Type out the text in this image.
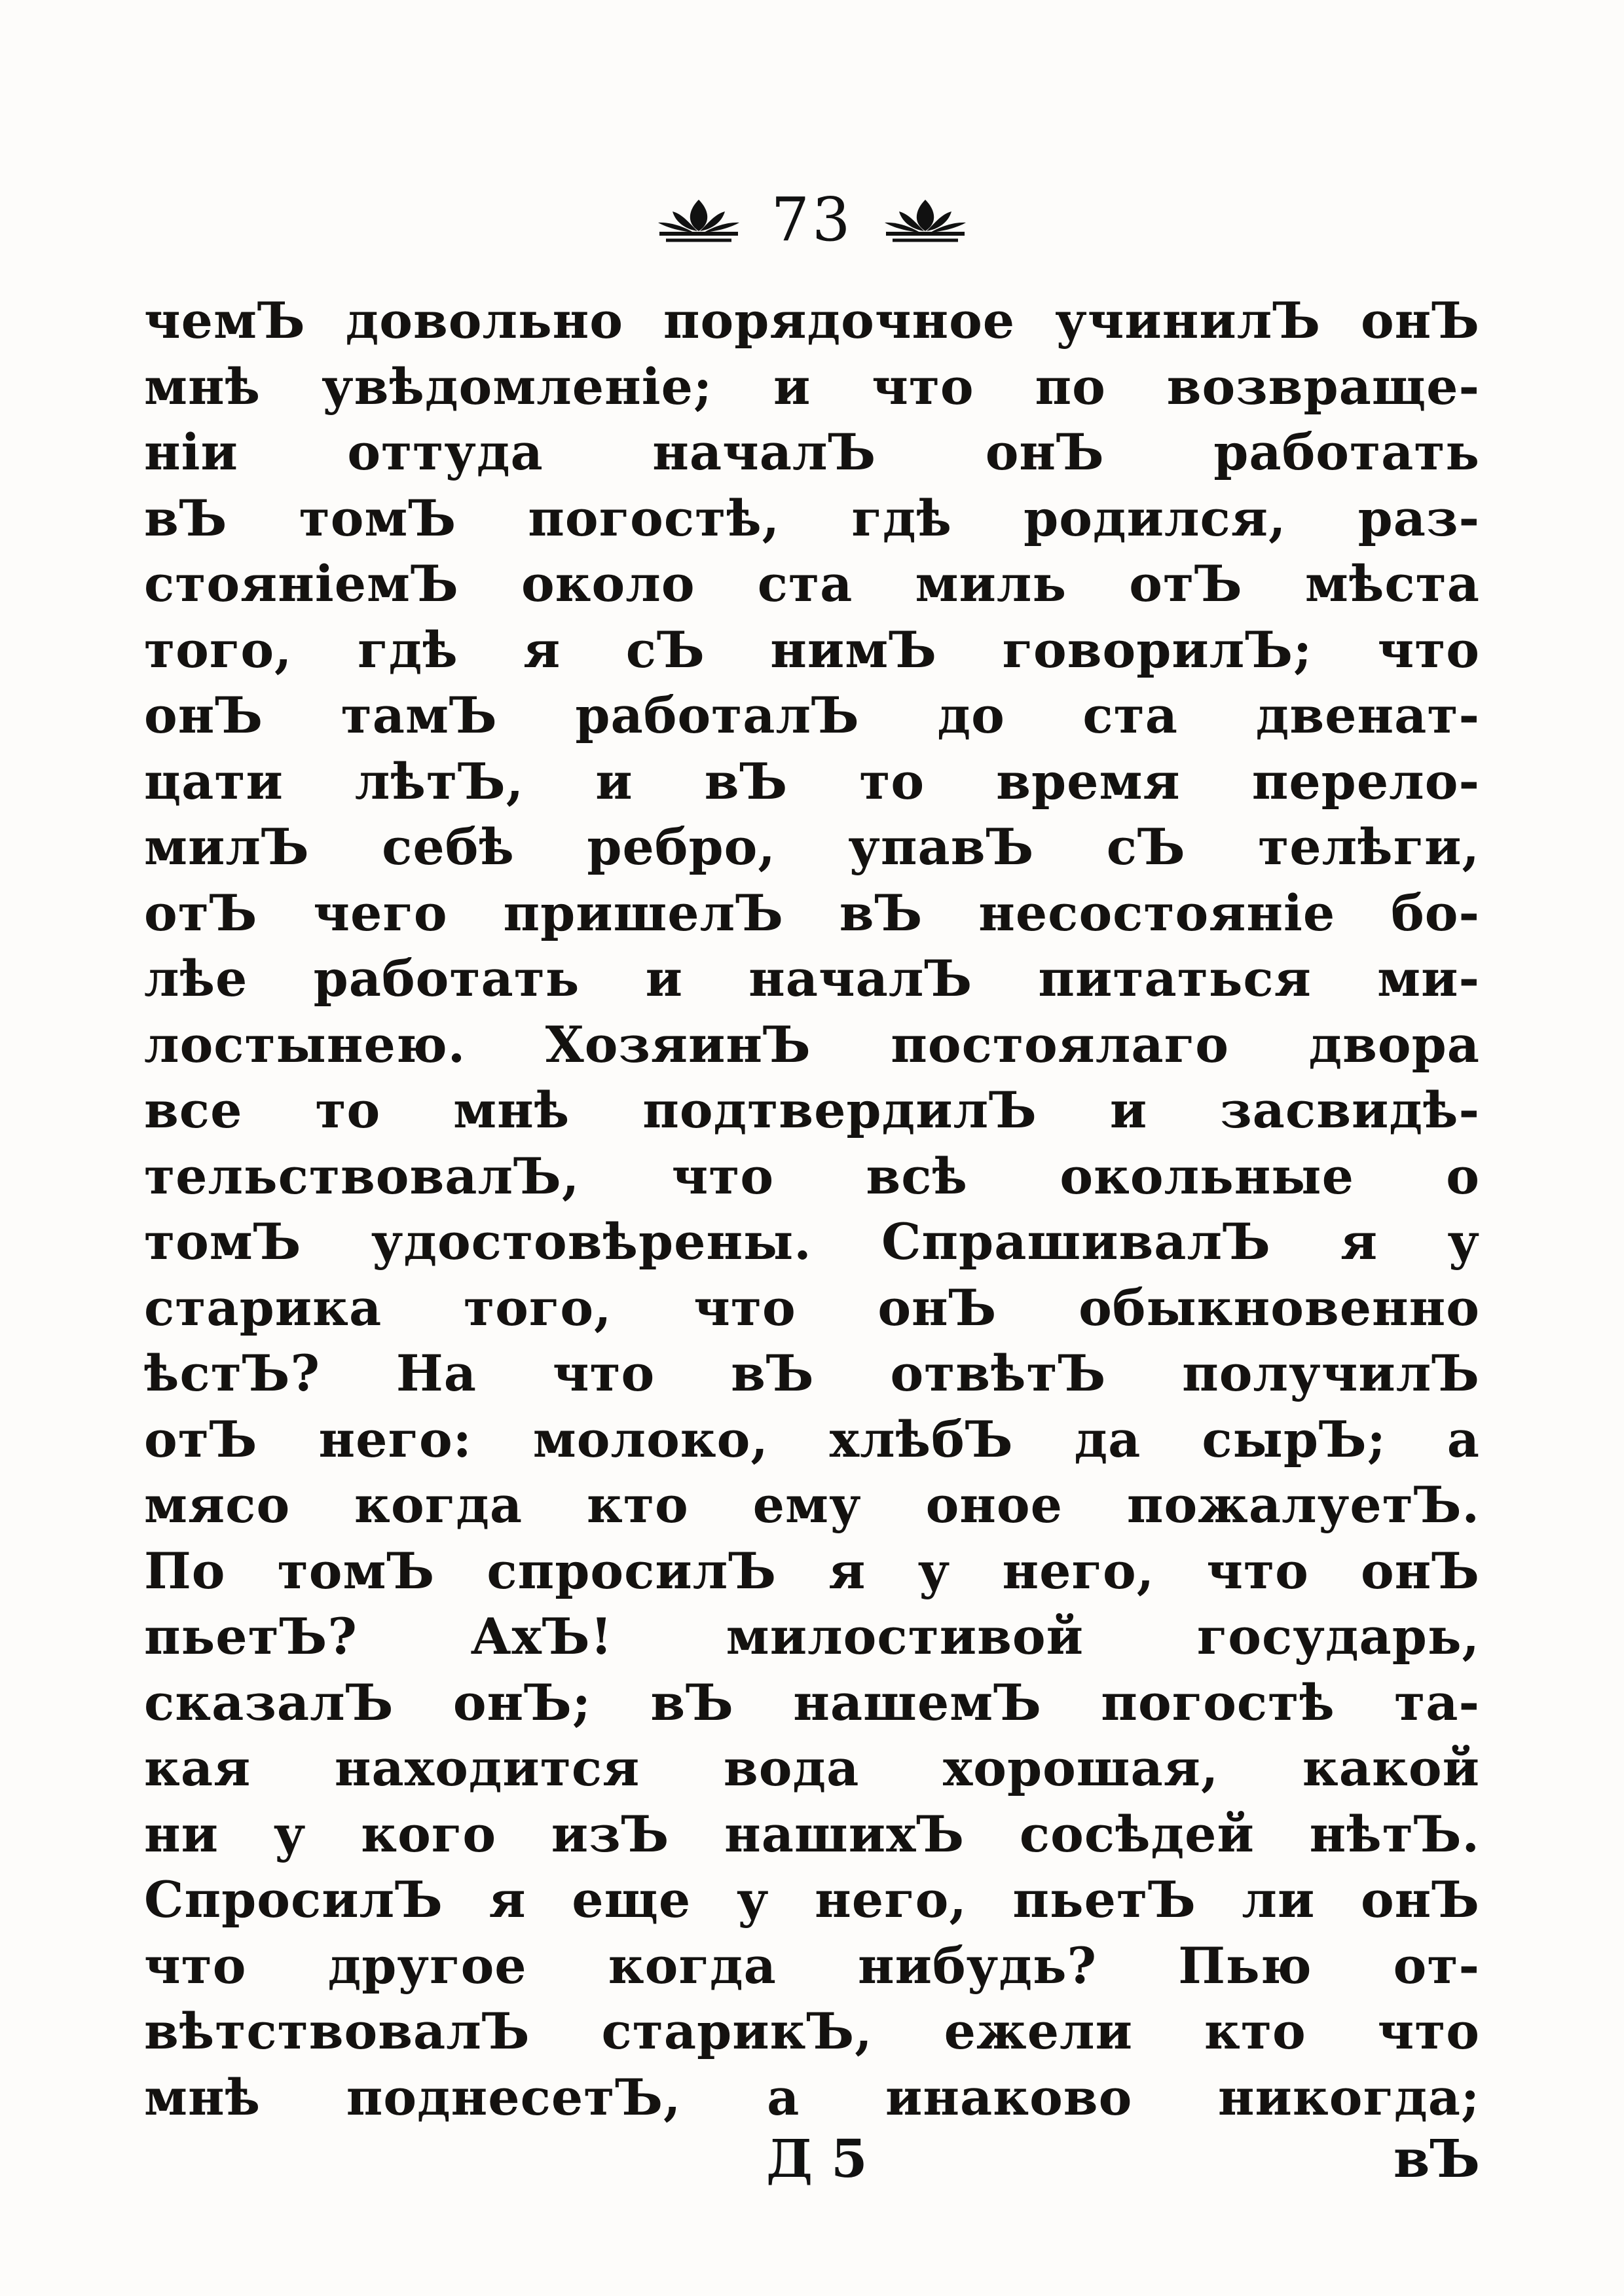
73
чемЪ довольно порядочное учинилЪ онЪ
мнѣ увѣдомленіе; и что по возвраще-
ніи оттуда началЪ онЪ работать
вЪ томЪ погостѣ, гдѣ родился, раз-
стояніемЪ около ста миль отЪ мѣста
того, гдѣ я сЪ нимЪ говорилЪ; что
онЪ тамЪ работалЪ до ста двенат-
цати лѣтЪ, и вЪ то время перело-
милЪ себѣ ребро, упавЪ сЪ телѣги,
отЪ чего пришелЪ вЪ несостояніе бо-
лѣе работать и началЪ питаться ми-
лостынею. ХозяинЪ постоялаго двора
все то мнѣ подтвердилЪ и засвидѣ-
тельствовалЪ, что всѣ окольные о
томЪ удостовѣрены. СпрашивалЪ я у
старика того, что онЪ обыкновенно
ѣстЪ? На что вЪ отвѣтЪ получилЪ
отЪ него: молоко, хлѣбЪ да сырЪ; а
мясо когда кто ему оное пожалуетЪ.
По томЪ спросилЪ я у него, что онЪ
пьетЪ? АхЪ! милостивой государь,
сказалЪ онЪ; вЪ нашемЪ погостѣ та-
кая находится вода хорошая, какой
ни у кого изЪ нашихЪ сосѣдей нѣтЪ.
СпросилЪ я еще у него, пьетЪ ли онЪ
что другое когда нибудь? Пью от-
вѣтствовалЪ старикЪ, ежели кто что
мнѣ поднесетЪ, а инаково никогда;
Д 5	вЪ
